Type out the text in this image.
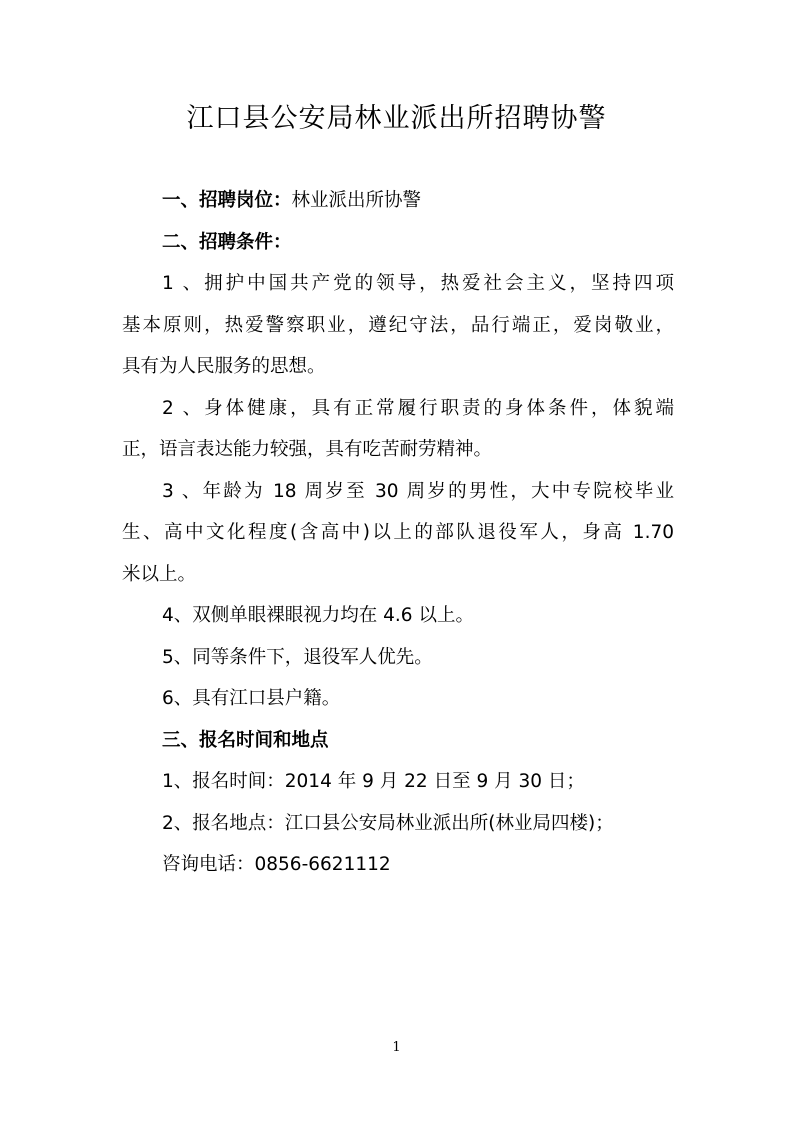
江口县公安局林业派出所招聘协警
一、招聘岗位：林业派出所协警
二、招聘条件：
1 、拥护中国共产党的领导，热爱社会主义，坚持四项
基本原则，热爱警察职业，遵纪守法，品行端正，爱岗敬业，
具有为人民服务的思想。
2 、身体健康，具有正常履行职责的身体条件，体貌端
正，语言表达能力较强，具有吃苦耐劳精神。
3 、年龄为 18 周岁至 30 周岁的男性，大中专院校毕业
生、高中文化程度(含高中)以上的部队退役军人，身高 1.70
米以上。
4、双侧单眼裸眼视力均在 4.6 以上。
5、同等条件下，退役军人优先。
6、具有江口县户籍。
三、报名时间和地点
1、报名时间：2014 年 9 月 22 日至 9 月 30 日；
2、报名地点：江口县公安局林业派出所(林业局四楼)；
咨询电话：0856-6621112
1
